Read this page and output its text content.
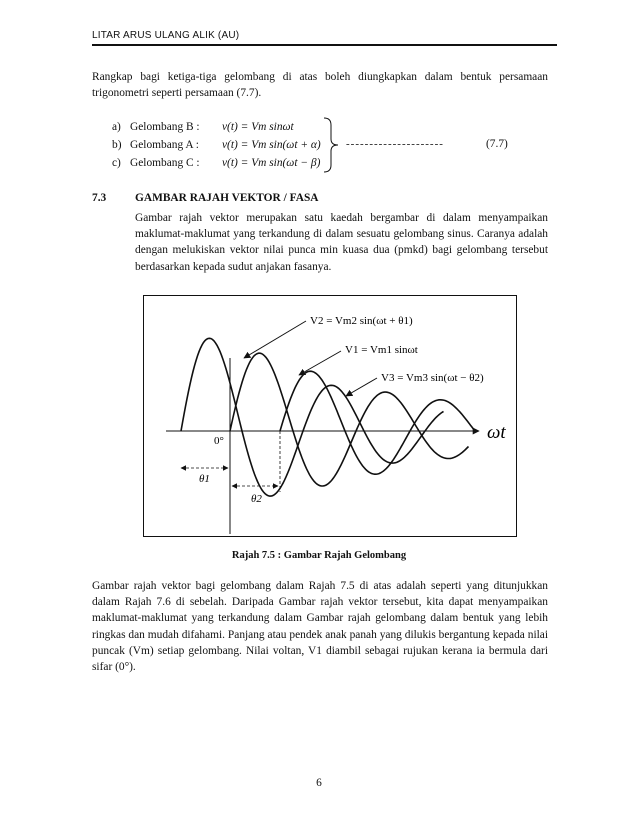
LITAR ARUS ULANG ALIK (AU)

Rangkap bagi ketiga-tiga gelombang di atas boleh diungkapkan dalam bentuk persamaan trigonometri seperti persamaan (7.7).

a) Gelombang B : v(t) = Vm sinωt
b) Gelombang A : v(t) = Vm sin(ωt + α)
c) Gelombang C : v(t) = Vm sin(ωt − β)
---------------------	(7.7)
7.3	GAMBAR RAJAH VEKTOR / FASA

Gambar rajah vektor merupakan satu kaedah bergambar di dalam menyampaikan maklumat-maklumat yang terkandung di dalam sesuatu gelombang sinus. Caranya adalah dengan melukiskan vektor nilai punca min kuasa dua (pmkd) bagi gelombang tersebut berdasarkan kepada sudut anjakan fasanya.

V2 = Vm2 sin(ωt + θ1)
V1 = Vm1 sinωt
V3 = Vm3 sin(ωt − θ2)
ωt
0°
θ1
θ2
Rajah 7.5 : Gambar Rajah Gelombang

Gambar rajah vektor bagi gelombang dalam Rajah 7.5 di atas adalah seperti yang ditunjukkan dalam Rajah 7.6 di sebelah. Daripada Gambar rajah vektor tersebut, kita dapat menyampaikan maklumat-maklumat yang terkandung dalam Gambar rajah gelombang dalam bentuk yang lebih ringkas dan mudah difahami. Panjang atau pendek anak panah yang dilukis bergantung kepada nilai puncak (Vm) setiap gelombang. Nilai voltan, V1 diambil sebagai rujukan kerana ia bermula dari sifar (0°).

6
